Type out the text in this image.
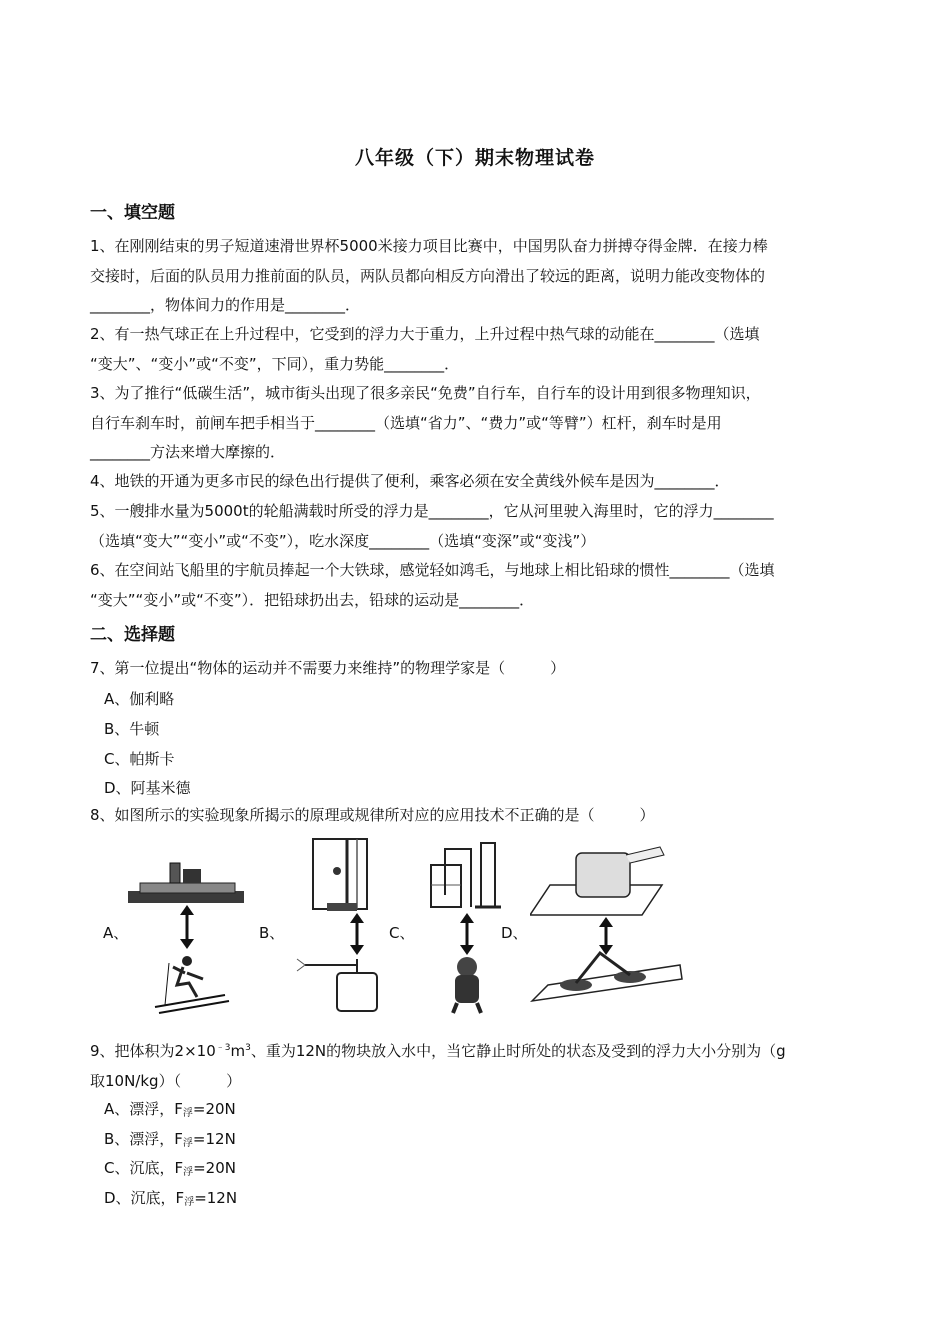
八年级（下）期末物理试卷
一、填空题
1、在刚刚结束的男子短道速滑世界杯5000米接力项目比赛中，中国男队奋力拼搏夺得金牌．在接力棒
交接时，后面的队员用力推前面的队员，两队员都向相反方向滑出了较远的距离，说明力能改变物体的
________，物体间力的作用是________．
2、有一热气球正在上升过程中，它受到的浮力大于重力，上升过程中热气球的动能在________（选填
“变大”、“变小”或“不变”，下同），重力势能________．
3、为了推行“低碳生活”，城市街头出现了很多亲民“免费”自行车，自行车的设计用到很多物理知识，
自行车刹车时，前闸车把手相当于________（选填“省力”、“费力”或“等臂”）杠杆，刹车时是用
________方法来增大摩擦的．
4、地铁的开通为更多市民的绿色出行提供了便利，乘客必须在安全黄线外候车是因为________．
5、一艘排水量为5000t的轮船满载时所受的浮力是________，它从河里驶入海里时，它的浮力________
（选填“变大”“变小”或“不变”），吃水深度________（选填“变深”或“变浅”）
6、在空间站飞船里的宇航员捧起一个大铁球，感觉轻如鸿毛，与地球上相比铅球的惯性________（选填
“变大”“变小”或“不变”）．把铅球扔出去，铅球的运动是________．
二、选择题
7、第一位提出“物体的运动并不需要力来维持”的物理学家是（　　　）
A、伽利略
B、牛顿
C、帕斯卡
D、阿基米德
8、如图所示的实验现象所揭示的原理或规律所对应的应用技术不正确的是（　　　）
A、	B、	C、	D、
9、把体积为$2\times 10^{﹣3}m^3$、重为12N的物块放入水中，当它静止时所处的状态及受到的浮力大小分别为（g
取10N/kg）（　　　）
A、漂浮，$F_浮=20N$
B、漂浮，$F_浮=12N$
C、沉底，$F_浮=20N$
D、沉底，$F_浮=12N$
